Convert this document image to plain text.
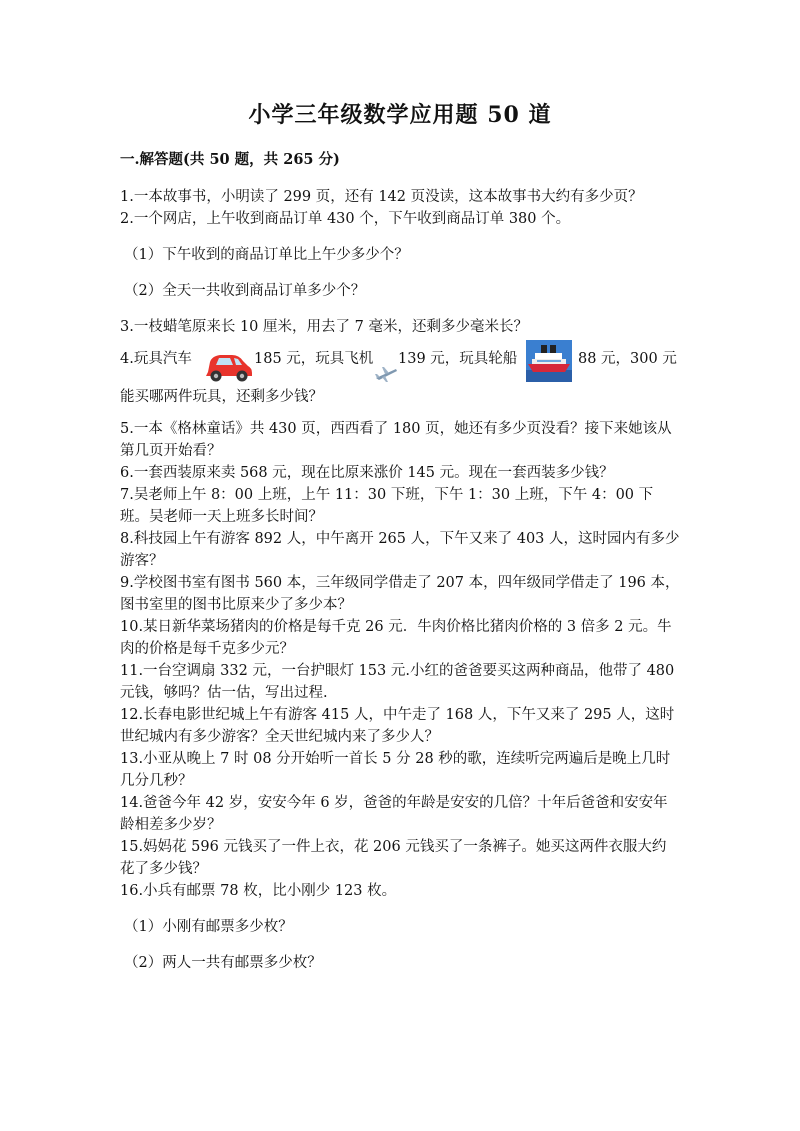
小学三年级数学应用题 50 道
一.解答题(共 50 题，共 265 分)

1.一本故事书，小明读了 299 页，还有 142 页没读，这本故事书大约有多少页？

2.一个网店，上午收到商品订单 430 个，下午收到商品订单 380 个。

（1）下午收到的商品订单比上午少多少个？

（2）全天一共收到商品订单多少个？

3.一枝蜡笔原来长 10 厘米，用去了 7 毫米，还剩多少毫米长？

4.玩具汽车	185 元，玩具飞机 139 元，玩具轮船	88 元，300 元
能买哪两件玩具，还剩多少钱？

5.一本《格林童话》共 430 页，西西看了 180 页，她还有多少页没看？接下来她该从第几页开始看？

6.一套西装原来卖 568 元，现在比原来涨价 145 元。现在一套西装多少钱？

7.吴老师上午 8：00 上班，上午 11：30 下班，下午 1：30 上班，下午 4：00 下班。吴老师一天上班多长时间？

8.科技园上午有游客 892 人，中午离开 265 人，下午又来了 403 人，这时园内有多少游客？

9.学校图书室有图书 560 本，三年级同学借走了 207 本，四年级同学借走了 196 本，图书室里的图书比原来少了多少本？

10.某日新华菜场猪肉的价格是每千克 26 元．牛肉价格比猪肉价格的 3 倍多 2 元。牛肉的价格是每千克多少元？

11.一台空调扇 332 元，一台护眼灯 153 元.小红的爸爸要买这两种商品，他带了 480 元钱，够吗？估一估，写出过程.

12.长春电影世纪城上午有游客 415 人，中午走了 168 人，下午又来了 295 人，这时世纪城内有多少游客？全天世纪城内来了多少人？

13.小亚从晚上 7 时 08 分开始听一首长 5 分 28 秒的歌，连续听完两遍后是晚上几时几分几秒？

14.爸爸今年 42 岁，安安今年 6 岁，爸爸的年龄是安安的几倍？十年后爸爸和安安年龄相差多少岁？

15.妈妈花 596 元钱买了一件上衣，花 206 元钱买了一条裤子。她买这两件衣服大约花了多少钱？

16.小兵有邮票 78 枚，比小刚少 123 枚。

（1）小刚有邮票多少枚？

（2）两人一共有邮票多少枚？
